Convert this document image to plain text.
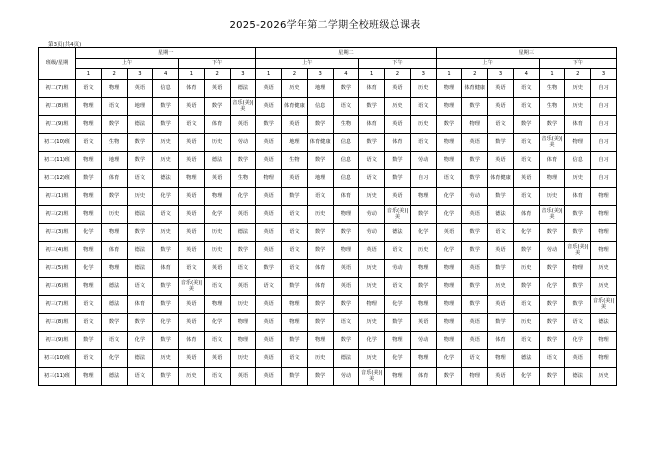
2025-2026学年第二学期全校班级总课表
第3页(共4页)
班级/星期	星期一							星期二							星期三						
	上午				下午			上午				下午			上午				下午		
	1	2	3	4	1	2	3	1	2	3	4	1	2	3	1	2	3	4	1	2	3
初二(7)班	语文	物理	英语	信息	体育	英语	德法	英语	历史	地理	数学	体育	英语	历史	物理	体育健康	英语	语文	生物	历史	自习
初二(8)班	物理	语文	地理	数学	英语	数学	音乐(美)|美	英语	体育健康	信息	语文	数学	历史	语文	物理	数学	英语	语文	生物	历史	自习
初二(9)班	物理	数学	德法	数学	语文	体育	英语	数学	英语	数学	生物	体育	英语	历史	数学	物理	语文	数学	数学	体育	自习
初二(10)班	语文	生物	数学	历史	英语	历史	劳动	英语	地理	体育健康	信息	数学	体育	语文	物理	英语	数学	语文	音乐(美)|美	物理	自习
初二(11)班	物理	地理	数学	历史	英语	德法	数学	英语	生物	数学	信息	语文	数学	劳动	物理	数学	英语	语文	体育	信息	自习
初二(12)班	数学	体育	语文	德法	物理	英语	生物	物理	英语	地理	信息	语文	数学	自习	语文	数学	体育健康	英语	物理	历史	自习
初三(1)班	物理	数学	历史	化学	英语	物理	化学	英语	数学	语文	体育	历史	英语	物理	化学	劳动	数学	语文	历史	体育	物理
初三(2)班	物理	历史	德法	语文	英语	化学	英语	英语	语文	历史	物理	劳动	音乐(美)|美	数学	化学	英语	德法	体育	音乐(美)|美	数学	物理
初三(3)班	化学	物理	数学	历史	英语	历史	德法	英语	语文	数学	数学	劳动	德法	化学	英语	数学	语文	化学	数学	数学	物理
初三(4)班	物理	体育	德法	数学	英语	历史	数学	英语	语文	数学	物理	英语	语文	历史	化学	数学	英语	数学	劳动	音乐(美)|美	物理
初三(5)班	化学	物理	德法	体育	语文	英语	语文	数学	语文	体育	英语	历史	劳动	物理	物理	英语	数学	历史	数学	物理	历史
初三(6)班	物理	德法	语文	数学	音乐(美)|美	语文	英语	语文	数学	体育	英语	历史	语文	数学	物理	数学	历史	数学	化学	数学	历史
初三(7)班	语文	德法	体育	数学	英语	物理	历史	英语	物理	数学	数学	物理	化学	物理	物理	数学	英语	语文	数学	数学	音乐(美)|美
初三(8)班	语文	数学	数学	化学	英语	化学	物理	英语	物理	数学	语文	历史	数学	英语	物理	英语	数学	历史	数学	语文	德法
初三(9)班	数学	语文	化学	数学	体育	语文	物理	英语	数学	物理	数学	化学	物理	劳动	物理	英语	体育	语文	数学	化学	物理
初三(10)班	语文	化学	德法	历史	英语	英语	历史	英语	语文	历史	德法	历史	化学	物理	化学	语文	物理	德法	语文	英语	物理
初三(11)班	物理	德法	语文	数学	历史	语文	英语	英语	数学	数学	劳动	音乐(美)|美	物理	体育	数学	物理	英语	化学	数学	德法	历史
